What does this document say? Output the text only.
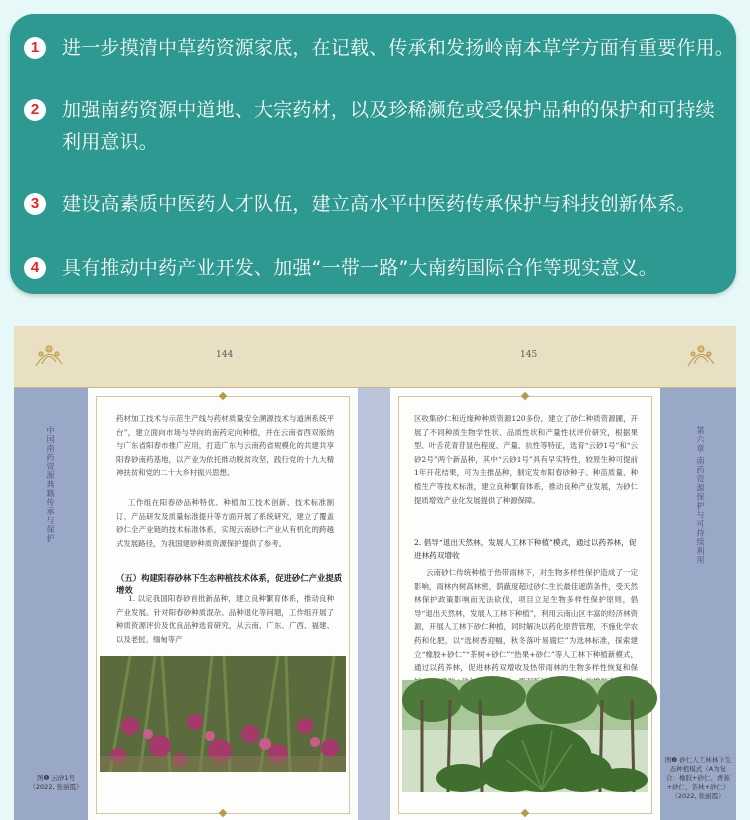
1	进一步摸清中草药资源家底，在记载、传承和发扬岭南本草学方面有重要作用。
2	加强南药资源中道地、大宗药材，以及珍稀濒危或受保护品种的保护和可持续利用意识。
3	建设高素质中医药人才队伍，建立高水平中医药传承保护与科技创新体系。
4	具有推动中药产业开发、加强“一带一路”大南药国际合作等现实意义。
144	145
中国南药资源典籍传承与保护	第六章 南药资源保护与可持续利用
药材加工技术与示范生产线与药材质量安全溯源技术与道洲系统平台”，建立面向市场与导向的南药定向种植，并在云南省西双版纳与广东省阳春市推广应用，打造广东与云南药省规模化的共建共享阳春砂南药基地，以产业为依托推动脱贫攻坚，践行党的十九大精神扶贫和党的二十大乡村振兴思想。
工作组在阳春砂品种特优、种植加工技术创新、技术标准制订、产品研发及质量标准提升等方面开展了系统研究，建立了覆盖砂仁全产业链的技术标准体系，实现云南砂仁产业从有机化的跨越式发展路径，为我国建砂种质资源保护提供了参考。
（五）构建阳春砂林下生态种植技术体系，促进砂仁产业提质增效
1. 以定我国阳春砂首批新品种，建立良种繁育体系，推动良种产业发展。针对阳春砂种质混杂、品种退化等问题，工作组开展了种质资源评价及优良品种选育研究，从云南、广东、广西、福建、以及老挝、缅甸等产
区收集砂仁和近缘种种质资源120多份，建立了砂仁种质资源圃，开展了不同种质生物学性状、品质性状和产量性状评价研究，根据果型、叶舌花青苷显色程度、产量、抗性等特征，选育“云砂1号”和“云砂2号”两个新品种，其中“云砂1号”具有早实特性，较原生种可提前1年开花结果，可为主推品种，制定发布阳春砂种子、种苗质量、种植生产等技术标准，建立良种繁育体系，推动良种产业发展，为砂仁提质增效产业化发展提供了种源保障。
2. 倡导“退出天然林，发展人工林下种植”模式，通过以药养林，促进林药双增收
云南砂仁传统种植于热带雨林下，对生物多样性保护造成了一定影响，雨林内树高林密，荫蔽度超过砂仁生长最佳遮荫条件，受天然林保护政策影响而无法砍伐，项目立足生物多样性保护原则，倡导“退出天然林，发展人工林下种植”，利用云南山区丰富的经济林资源，开展人工林下砂仁种植，同时解决以药化原营管理，不施化学农药和化肥，以“选树香迎幅，秋冬落叶易腐烂”为选林标准，探索建立“橡胶+砂仁”“茶树+砂仁”“热果+砂仁”等人工林下种植新模式，通过以药养林，促进林药双增收及热带雨林的生物多样性恢复和保
图❶ 云砂1号（2022, 张丽霞）
图❷ 砂仁人工林林下生态种植模式（A为复合：橡胶+砂仁、香蕉+砂仁、茶林+砂仁）（2022, 张丽霞）
